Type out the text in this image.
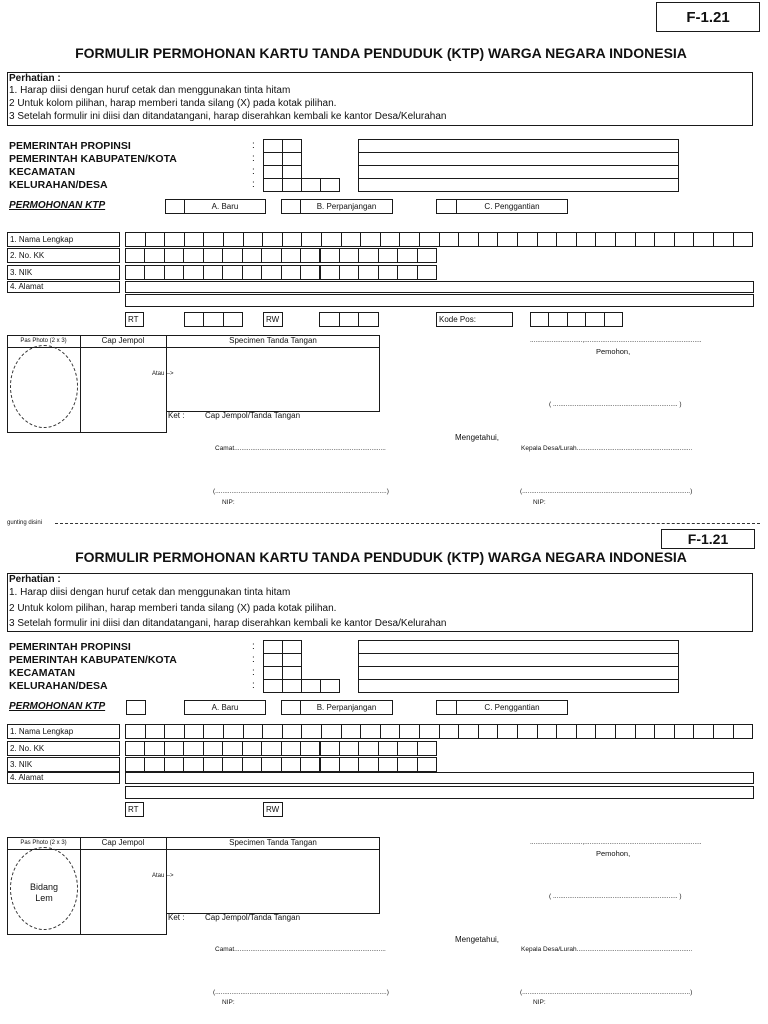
F-1.21
FORMULIR PERMOHONAN KARTU TANDA PENDUDUK (KTP) WARGA NEGARA INDONESIA
Perhatian :
1. Harap diisi dengan huruf cetak dan menggunakan tinta hitam
2 Untuk kolom pilihan, harap memberi tanda silang (X) pada kotak pilihan.
3 Setelah formulir ini diisi dan ditandatangani, harap diserahkan kembali ke kantor Desa/Kelurahan
PEMERINTAH PROPINSI	:
PEMERINTAH KABUPATEN/KOTA	:
KECAMATAN	:
KELURAHAN/DESA	:
PERMOHONAN KTP	A. Baru	B. Perpanjangan	C. Penggantian
1. Nama Lengkap
2. No. KK
3. NIK
4. Alamat
RT	RW	Kode Pos:
Pas Photo (2 x 3)	Cap Jempol	Specimen Tanda Tangan
Atau -->
Ket :	Cap Jempol/Tanda Tangan
.............................,.................................................................
Pemohon,
( ..................................................................... )
Mengetahui,
Camat....................................................................................	Kepala Desa/Lurah................................................................
(...............................................................................................)	(.............................................................................................)
NIP:	NIP:
gunting disini
F-1.21
FORMULIR PERMOHONAN KARTU TANDA PENDUDUK (KTP) WARGA NEGARA INDONESIA
Perhatian :
1. Harap diisi dengan huruf cetak dan menggunakan tinta hitam
2 Untuk kolom pilihan, harap memberi tanda silang (X) pada kotak pilihan.
3 Setelah formulir ini diisi dan ditandatangani, harap diserahkan kembali ke kantor Desa/Kelurahan
PEMERINTAH PROPINSI	:
PEMERINTAH KABUPATEN/KOTA	:
KECAMATAN	:
KELURAHAN/DESA	:
PERMOHONAN KTP	A. Baru	B. Perpanjangan	C. Penggantian
1. Nama Lengkap
2. No. KK
3. NIK
4. Alamat
RT	RW
Pas Photo (2 x 3)	Cap Jempol	Specimen Tanda Tangan
Bidang
Lem
Atau -->
Ket :	Cap Jempol/Tanda Tangan
.............................,.................................................................
Pemohon,
( ..................................................................... )
Mengetahui,
Camat....................................................................................	Kepala Desa/Lurah................................................................
(...............................................................................................)	(.............................................................................................)
NIP:	NIP:
